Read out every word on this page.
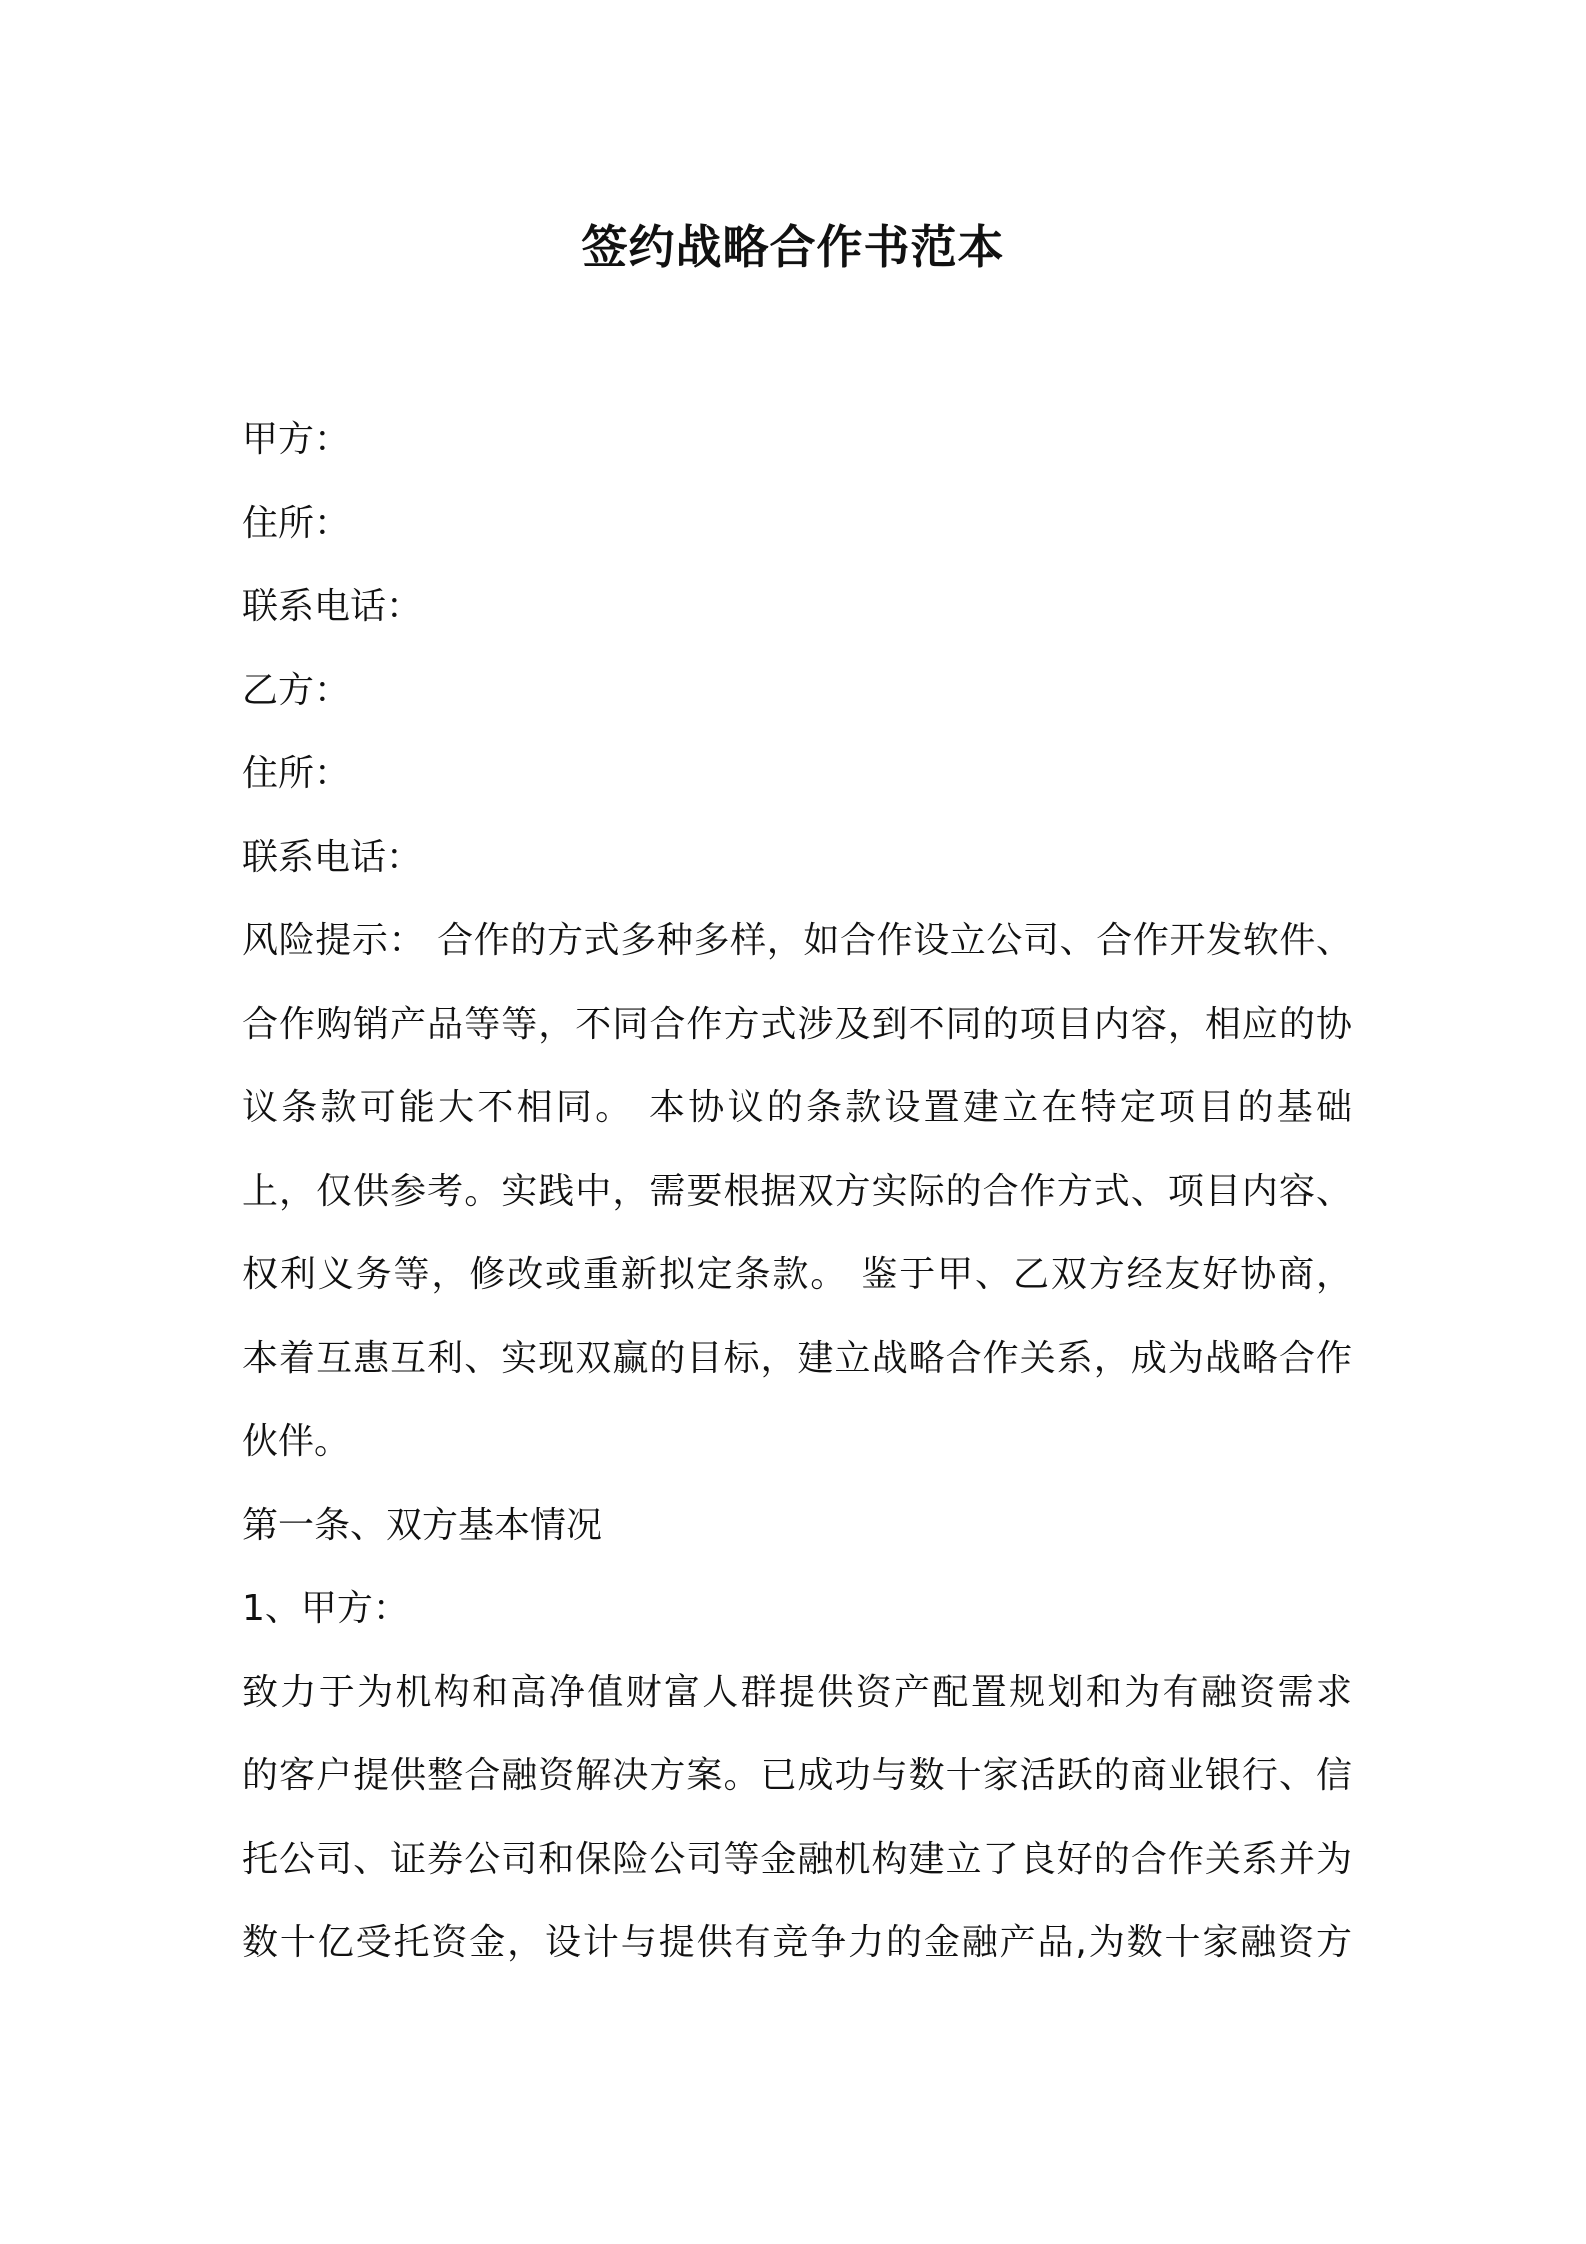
签约战略合作书范本
甲方：
住所：
联系电话：
乙方：
住所：
联系电话：
风险提示： 合作的方式多种多样，如合作设立公司、合作开发软件、
合作购销产品等等，不同合作方式涉及到不同的项目内容，相应的协
议条款可能大不相同。 本协议的条款设置建立在特定项目的基础
上，仅供参考。实践中，需要根据双方实际的合作方式、项目内容、
权利义务等，修改或重新拟定条款。 鉴于甲、乙双方经友好协商，
本着互惠互利、实现双赢的目标，建立战略合作关系，成为战略合作
伙伴。
第一条、双方基本情况
1、甲方：
致力于为机构和高净值财富人群提供资产配置规划和为有融资需求
的客户提供整合融资解决方案。已成功与数十家活跃的商业银行、信
托公司、证券公司和保险公司等金融机构建立了良好的合作关系并为
数十亿受托资金，设计与提供有竞争力的金融产品,为数十家融资方
